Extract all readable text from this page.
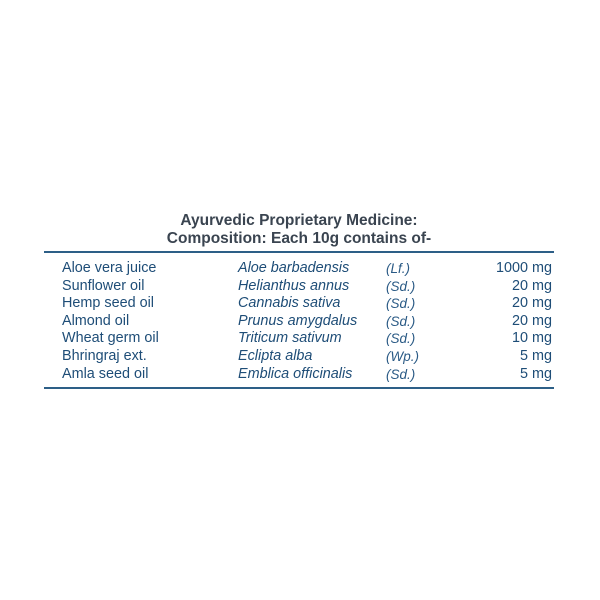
Ayurvedic Proprietary Medicine:
Composition: Each 10g contains of-
Aloe vera juice	Aloe barbadensis	(Lf.)	1000 mg
Sunflower oil	Helianthus annus	(Sd.)	20 mg
Hemp seed oil	Cannabis sativa	(Sd.)	20 mg
Almond oil	Prunus amygdalus	(Sd.)	20 mg
Wheat germ oil	Triticum sativum	(Sd.)	10 mg
Bhringraj ext.	Eclipta alba	(Wp.)	5 mg
Amla seed oil	Emblica officinalis	(Sd.)	5 mg
